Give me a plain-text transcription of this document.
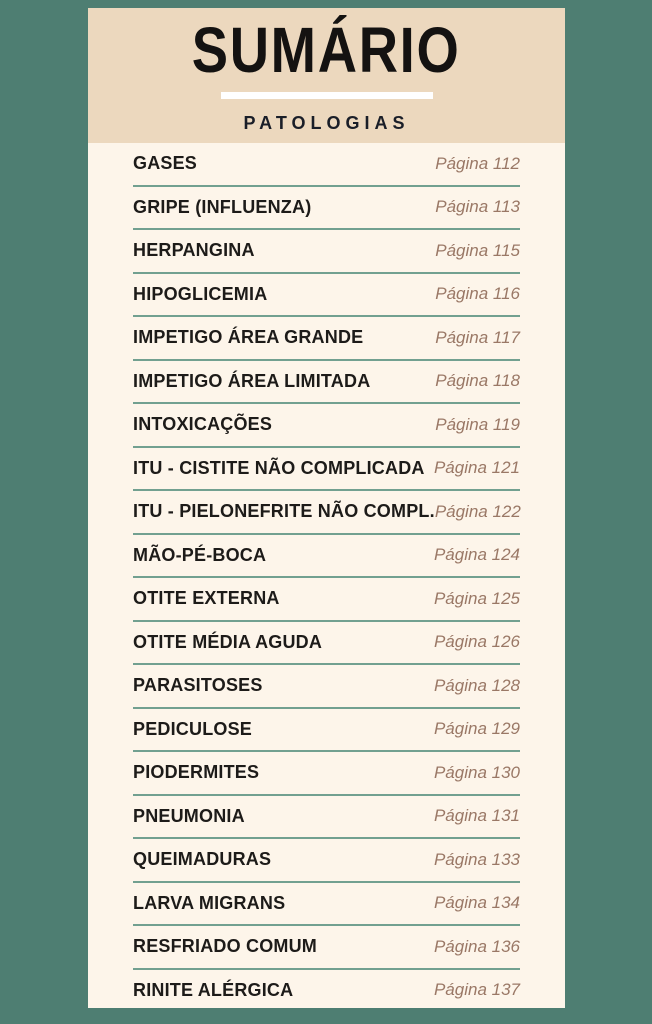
SUMÁRIO
PATOLOGIAS
GASES	Página 112
GRIPE (INFLUENZA)	Página 113
HERPANGINA	Página 115
HIPOGLICEMIA	Página 116
IMPETIGO ÁREA GRANDE	Página 117
IMPETIGO ÁREA LIMITADA	Página 118
INTOXICAÇÕES	Página 119
ITU - CISTITE NÃO COMPLICADA Página 121
ITU - PIELONEFRITE NÃO COMPL. Página 122
MÃO-PÉ-BOCA	Página 124
OTITE EXTERNA	Página 125
OTITE MÉDIA AGUDA	Página 126
PARASITOSES	Página 128
PEDICULOSE	Página 129
PIODERMITES	Página 130
PNEUMONIA	Página 131
QUEIMADURAS	Página 133
LARVA MIGRANS	Página 134
RESFRIADO COMUM	Página 136
RINITE ALÉRGICA	Página 137
